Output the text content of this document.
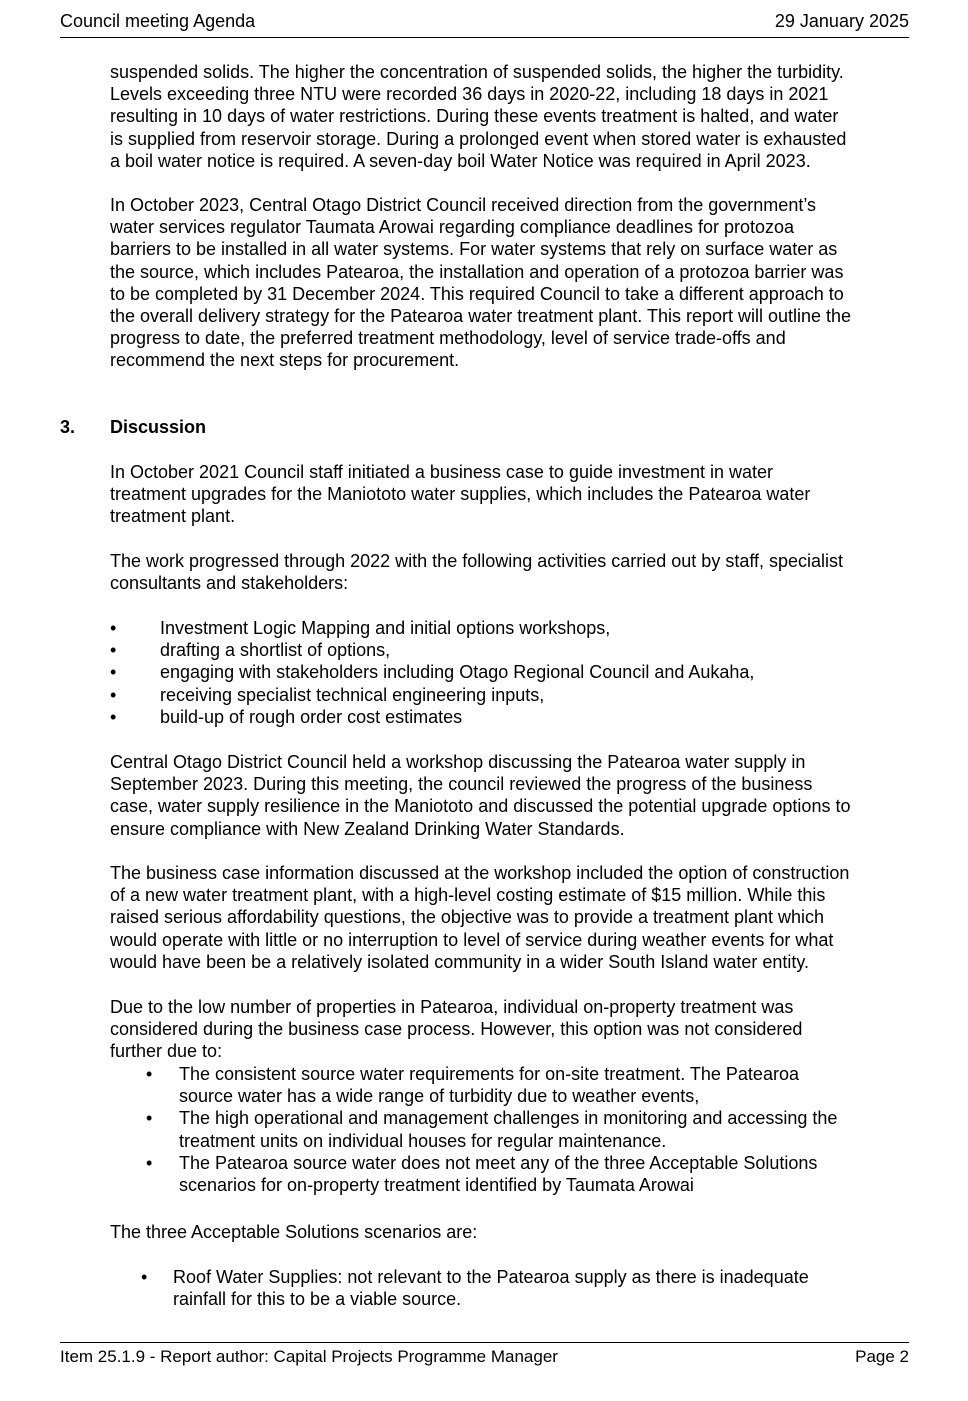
Council meeting Agenda	29 January 2025

suspended solids. The higher the concentration of suspended solids, the higher the turbidity.

Levels exceeding three NTU were recorded 36 days in 2020-22, including 18 days in 2021

resulting in 10 days of water restrictions. During these events treatment is halted, and water

is supplied from reservoir storage. During a prolonged event when stored water is exhausted

a boil water notice is required. A seven-day boil Water Notice was required in April 2023.

In October 2023, Central Otago District Council received direction from the government’s

water services regulator Taumata Arowai regarding compliance deadlines for protozoa

barriers to be installed in all water systems. For water systems that rely on surface water as

the source, which includes Patearoa, the installation and operation of a protozoa barrier was

to be completed by 31 December 2024. This required Council to take a different approach to

the overall delivery strategy for the Patearoa water treatment plant. This report will outline the

progress to date, the preferred treatment methodology, level of service trade-offs and

recommend the next steps for procurement.

In October 2021 Council staff initiated a business case to guide investment in water

treatment upgrades for the Maniototo water supplies, which includes the Patearoa water

treatment plant.

The work progressed through 2022 with the following activities carried out by staff, specialist

consultants and stakeholders:

• Investment Logic Mapping and initial options workshops,
• drafting a shortlist of options,
• engaging with stakeholders including Otago Regional Council and Aukaha,
• receiving specialist technical engineering inputs,
• build-up of rough order cost estimates

Central Otago District Council held a workshop discussing the Patearoa water supply in

September 2023. During this meeting, the council reviewed the progress of the business

case, water supply resilience in the Maniototo and discussed the potential upgrade options to

ensure compliance with New Zealand Drinking Water Standards.

The business case information discussed at the workshop included the option of construction

of a new water treatment plant, with a high-level costing estimate of $15 million. While this

raised serious affordability questions, the objective was to provide a treatment plant which

would operate with little or no interruption to level of service during weather events for what

would have been be a relatively isolated community in a wider South Island water entity.

Due to the low number of properties in Patearoa, individual on-property treatment was

considered during the business case process. However, this option was not considered

further due to:

• The consistent source water requirements for on-site treatment. The Patearoa
source water has a wide range of turbidity due to weather events,
• The high operational and management challenges in monitoring and accessing the
treatment units on individual houses for regular maintenance.
• The Patearoa source water does not meet any of the three Acceptable Solutions
scenarios for on-property treatment identified by Taumata Arowai

The three Acceptable Solutions scenarios are:

• Roof Water Supplies: not relevant to the Patearoa supply as there is inadequate
rainfall for this to be a viable source.
3. Discussion
Item 25.1.9 - Report author: Capital Projects Programme Manager	Page 2
